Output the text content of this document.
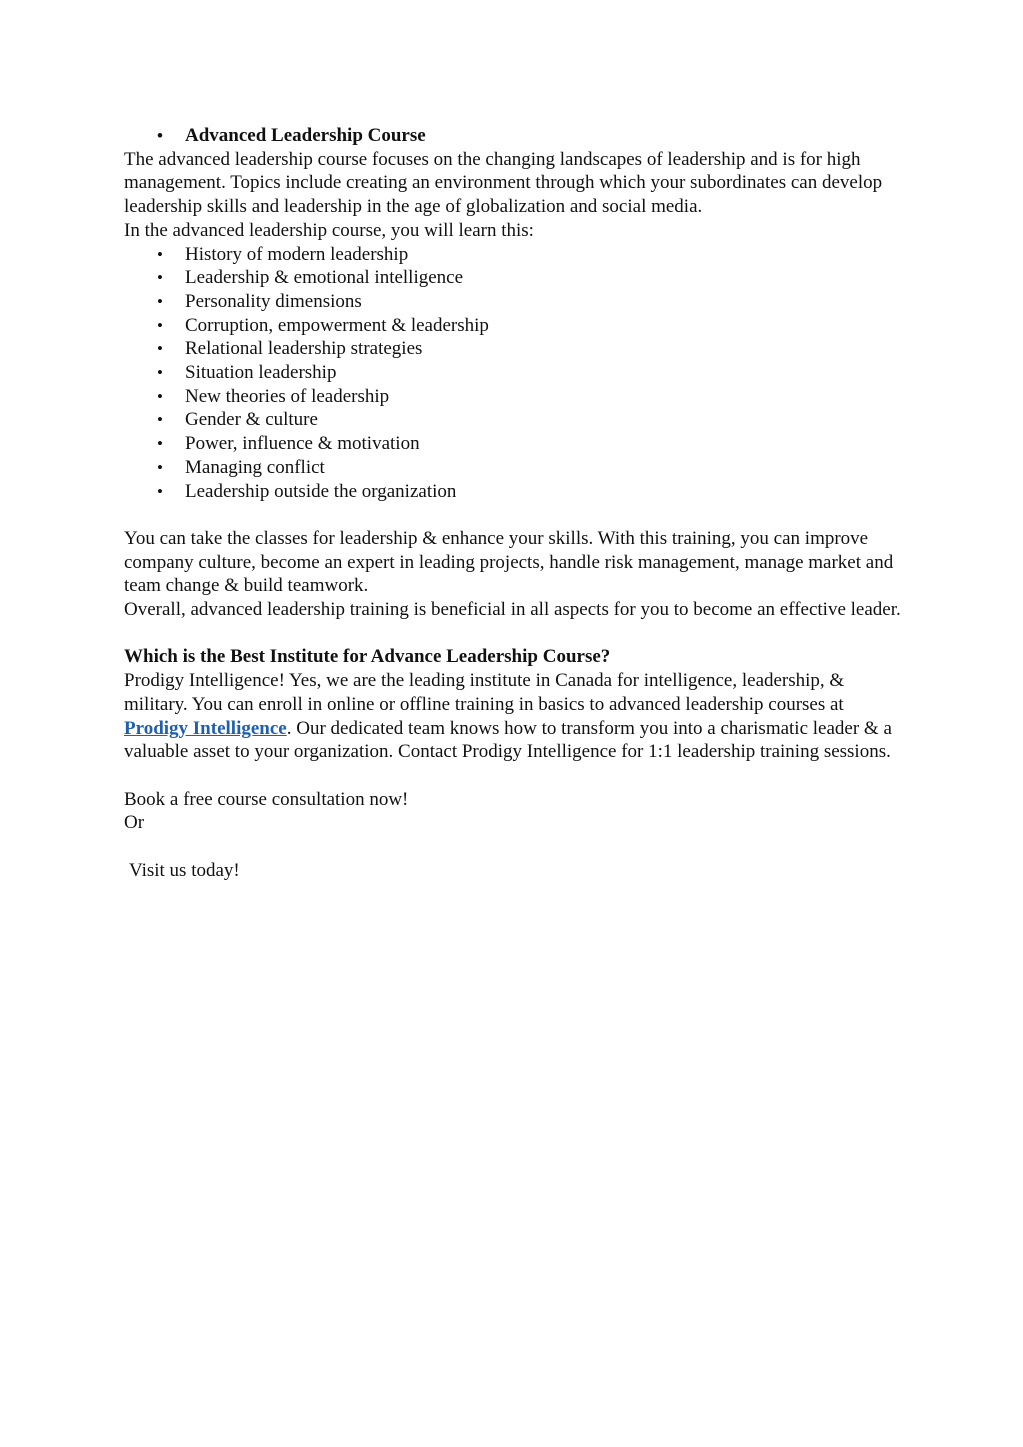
• Advanced Leadership Course

The advanced leadership course focuses on the changing landscapes of leadership and is for high management. Topics include creating an environment through which your subordinates can develop leadership skills and leadership in the age of globalization and social media.

In the advanced leadership course, you will learn this:

• History of modern leadership
• Leadership & emotional intelligence
• Personality dimensions
• Corruption, empowerment & leadership
• Relational leadership strategies
• Situation leadership
• New theories of leadership
• Gender & culture
• Power, influence & motivation
• Managing conflict
• Leadership outside the organization

You can take the classes for leadership & enhance your skills. With this training, you can improve company culture, become an expert in leading projects, handle risk management, manage market and team change & build teamwork.

Overall, advanced leadership training is beneficial in all aspects for you to become an effective leader.

Which is the Best Institute for Advance Leadership Course?

Prodigy Intelligence! Yes, we are the leading institute in Canada for intelligence, leadership, & military. You can enroll in online or offline training in basics to advanced leadership courses at Prodigy Intelligence. Our dedicated team knows how to transform you into a charismatic leader & a valuable asset to your organization. Contact Prodigy Intelligence for 1:1 leadership training sessions.

Book a free course consultation now!

Or

Visit us today!
